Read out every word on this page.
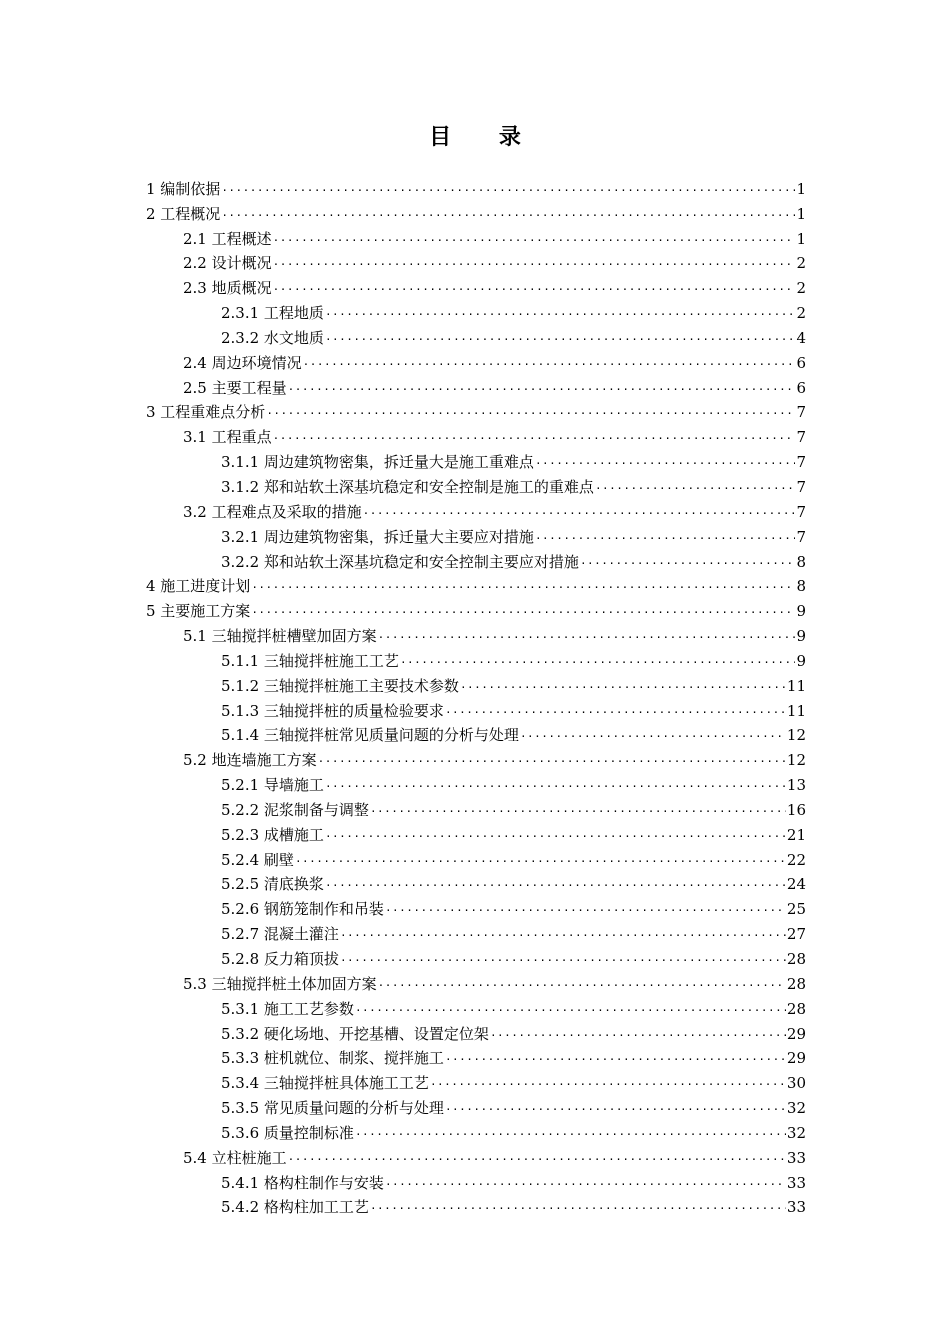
目 录
1 编制依据 .....	1
2 工程概况 .....	1
2.1 工程概述 .....	1
2.2 设计概况 .....	2
2.3 地质概况 .....	2
2.3.1 工程地质 .....	2
2.3.2 水文地质 .....	4
2.4 周边环境情况 .....	6
2.5 主要工程量 .....	6
3 工程重难点分析 .....	7
3.1 工程重点 .....	7
3.1.1 周边建筑物密集，拆迁量大是施工重难点 .....	7
3.1.2 郑和站软土深基坑稳定和安全控制是施工的重难点 .....	7
3.2 工程难点及采取的措施 .....	7
3.2.1 周边建筑物密集，拆迁量大主要应对措施 .....	7
3.2.2 郑和站软土深基坑稳定和安全控制主要应对措施 .....	8
4 施工进度计划 .....	8
5 主要施工方案 .....	9
5.1 三轴搅拌桩槽壁加固方案 .....	9
5.1.1 三轴搅拌桩施工工艺 .....	9
5.1.2 三轴搅拌桩施工主要技术参数 .....	11
5.1.3 三轴搅拌桩的质量检验要求 .....	11
5.1.4 三轴搅拌桩常见质量问题的分析与处理 .....	12
5.2 地连墙施工方案 .....	12
5.2.1 导墙施工 .....	13
5.2.2 泥浆制备与调整 .....	16
5.2.3 成槽施工 .....	21
5.2.4 刷壁 .....	22
5.2.5 清底换浆 .....	24
5.2.6 钢筋笼制作和吊装 .....	25
5.2.7 混凝土灌注 .....	27
5.2.8 反力箱顶拔 .....	28
5.3 三轴搅拌桩土体加固方案 .....	28
5.3.1 施工工艺参数 .....	28
5.3.2 硬化场地、开挖基槽、设置定位架 .....	29
5.3.3 桩机就位、制浆、搅拌施工 .....	29
5.3.4 三轴搅拌桩具体施工工艺 .....	30
5.3.5 常见质量问题的分析与处理 .....	32
5.3.6 质量控制标准 .....	32
5.4 立柱桩施工 .....	33
5.4.1 格构柱制作与安装 .....	33
5.4.2 格构柱加工工艺 .....	33
